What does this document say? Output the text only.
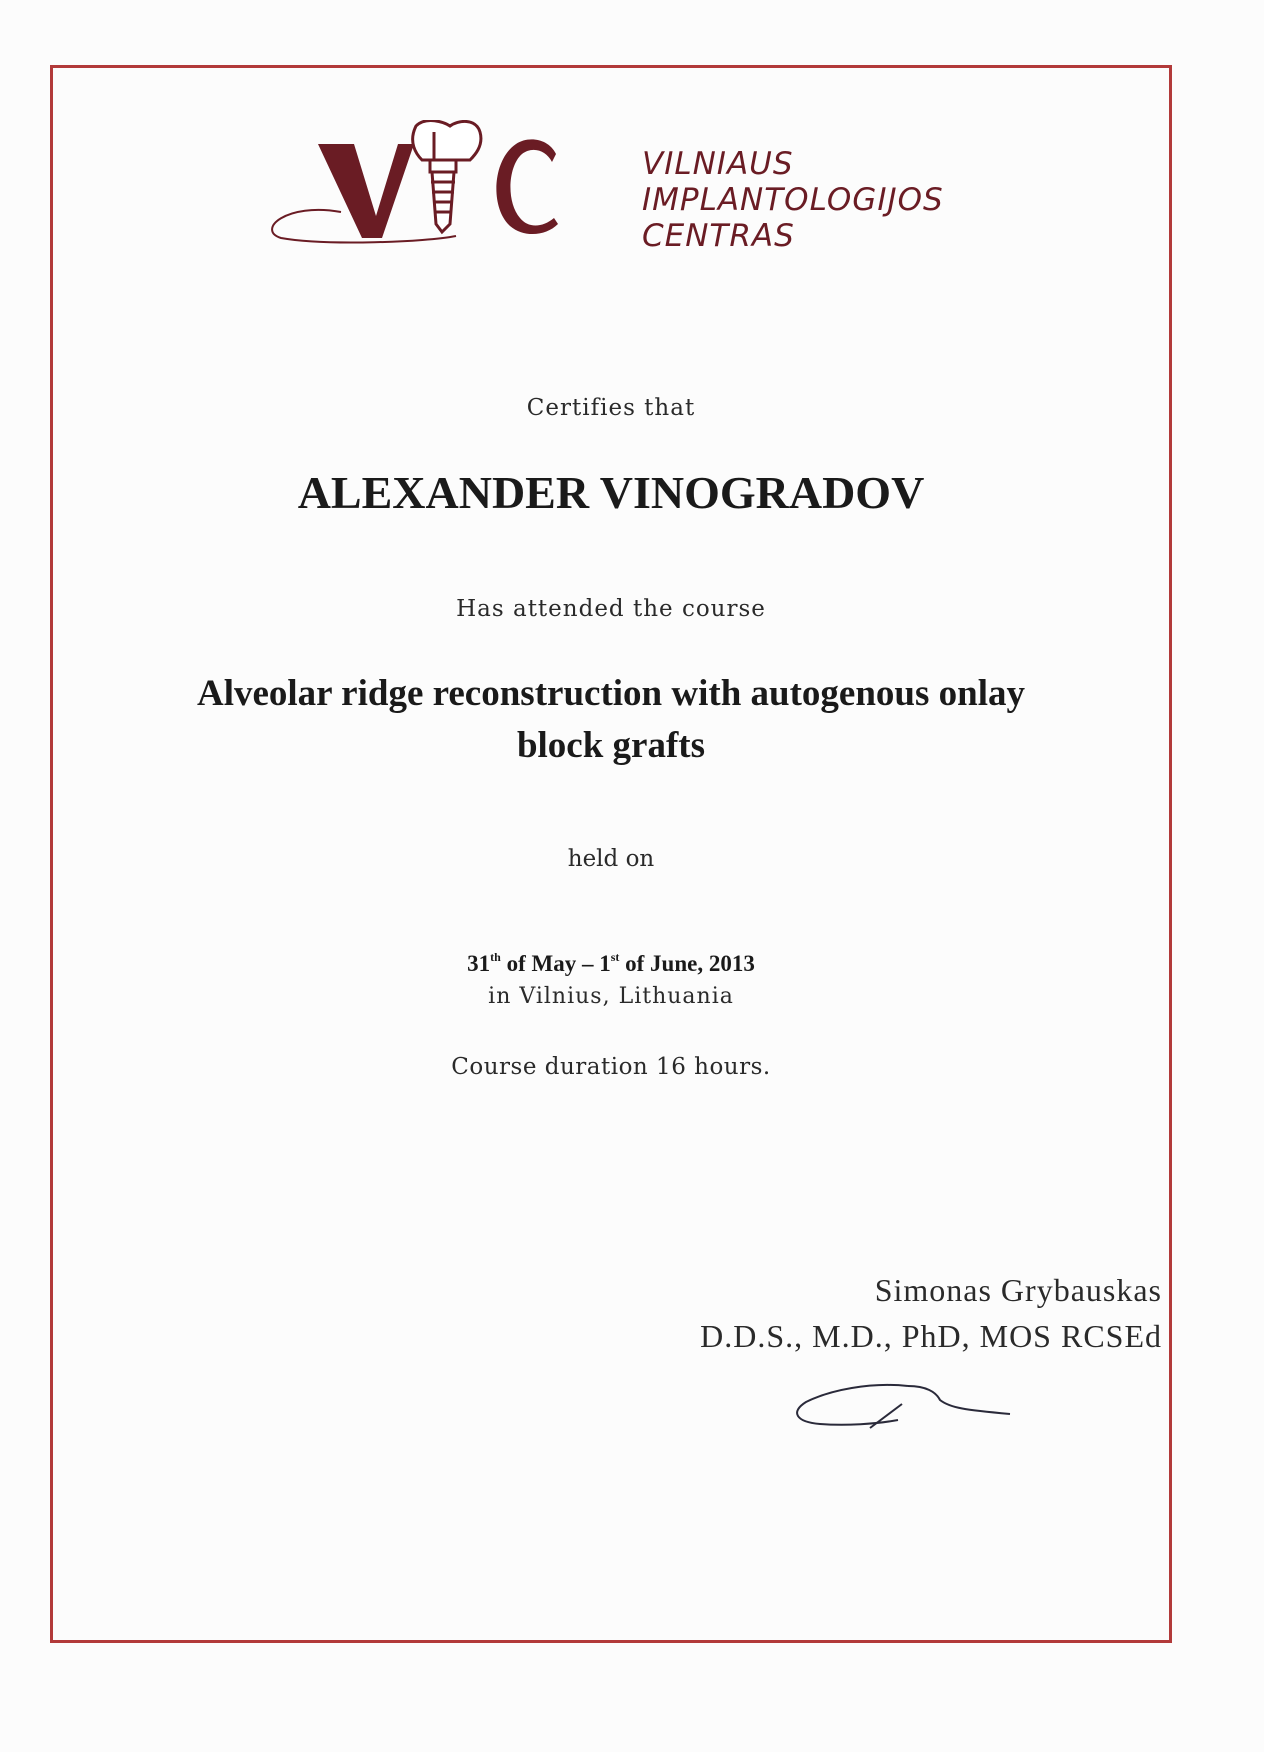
VILNIAUS
IMPLANTOLOGIJOS
CENTRAS
Certifies that
ALEXANDER VINOGRADOV
Has attended the course
Alveolar ridge reconstruction with autogenous onlay
block grafts
held on
31th of May – 1st of June, 2013
in Vilnius, Lithuania
Course duration 16 hours.
Simonas Grybauskas
D.D.S., M.D., PhD, MOS RCSEd
